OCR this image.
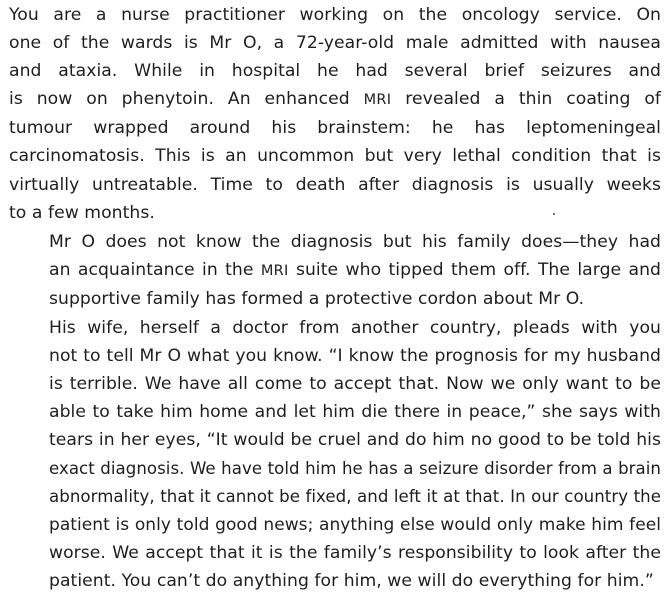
You are a nurse practitioner working on the oncology service. On
one of the wards is Mr O, a 72-year-old male admitted with nausea
and ataxia. While in hospital he had several brief seizures and
is now on phenytoin. An enhanced MRI revealed a thin coating of
tumour wrapped around his brainstem: he has leptomeningeal
carcinomatosis. This is an uncommon but very lethal condition that is
virtually untreatable. Time to death after diagnosis is usually weeks
to a few months.

Mr O does not know the diagnosis but his family does—they had
an acquaintance in the MRI suite who tipped them off. The large and
supportive family has formed a protective cordon about Mr O.

His wife, herself a doctor from another country, pleads with you
not to tell Mr O what you know. “I know the prognosis for my husband
is terrible. We have all come to accept that. Now we only want to be
able to take him home and let him die there in peace,” she says with
tears in her eyes, “It would be cruel and do him no good to be told his
exact diagnosis. We have told him he has a seizure disorder from a brain
abnormality, that it cannot be fixed, and left it at that. In our country the
patient is only told good news; anything else would only make him feel
worse. We accept that it is the family’s responsibility to look after the
patient. You can’t do anything for him, we will do everything for him.”
